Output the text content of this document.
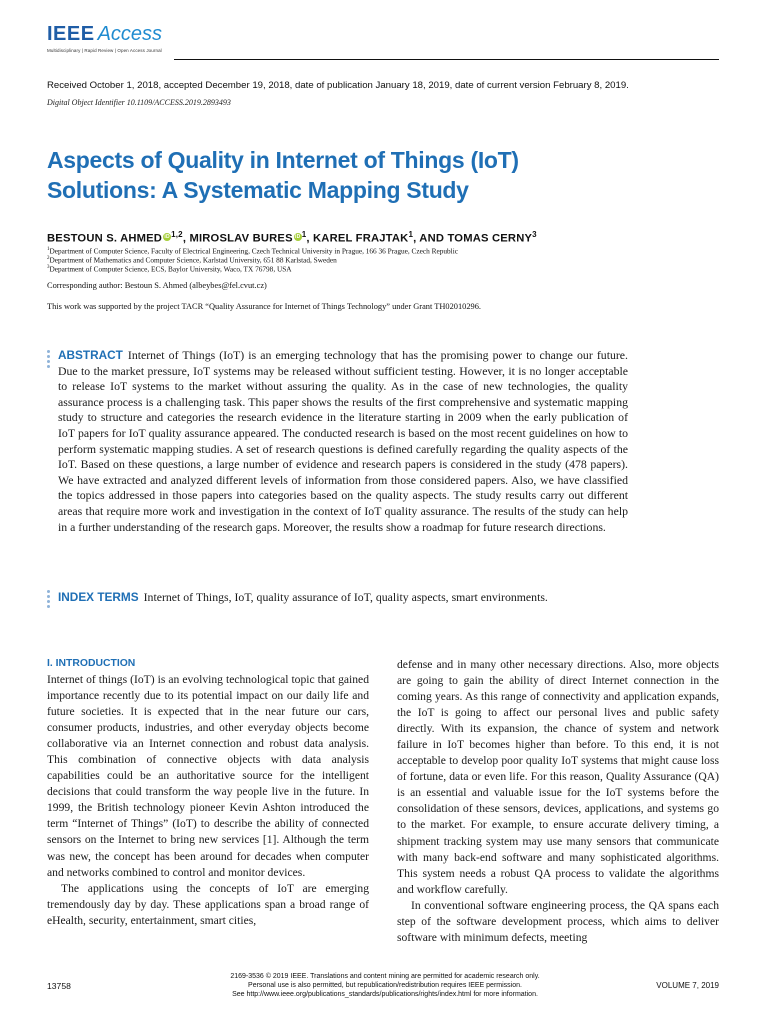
IEEE Access
Multidisciplinary | Rapid Review | Open Access Journal
Received October 1, 2018, accepted December 19, 2018, date of publication January 18, 2019, date of current version February 8, 2019.
Digital Object Identifier 10.1109/ACCESS.2019.2893493
Aspects of Quality in Internet of Things (IoT)
Solutions: A Systematic Mapping Study
BESTOUN S. AHMED iD$^{1,2}$, MIROSLAV BURES $iD^1$, KAREL FRAJTAK$^1$, AND TOMAS CERNY$^3$
$^1$Department of Computer Science, Faculty of Electrical Engineering, Czech Technical University in Prague, 166 36 Prague, Czech Republic
$^2$Department of Mathematics and Computer Science, Karlstad University, 651 88 Karlstad, Sweden
$^3$Department of Computer Science, ECS, Baylor University, Waco, TX 76798, USA
Corresponding author: Bestoun S. Ahmed (albeybes@fel.cvut.cz)
This work was supported by the project TACR “Quality Assurance for Internet of Things Technology” under Grant TH02010296.
ABSTRACT Internet of Things (IoT) is an emerging technology that has the promising power to change our future. Due to the market pressure, IoT systems may be released without sufficient testing. However, it is no longer acceptable to release IoT systems to the market without assuring the quality. As in the case of new technologies, the quality assurance process is a challenging task. This paper shows the results of the first comprehensive and systematic mapping study to structure and categories the research evidence in the literature starting in 2009 when the early publication of IoT papers for IoT quality assurance appeared. The conducted research is based on the most recent guidelines on how to perform systematic mapping studies. A set of research questions is defined carefully regarding the quality aspects of the IoT. Based on these questions, a large number of evidence and research papers is considered in the study (478 papers). We have extracted and analyzed different levels of information from those considered papers. Also, we have classified the topics addressed in those papers into categories based on the quality aspects. The study results carry out different areas that require more work and investigation in the context of IoT quality assurance. The results of the study can help in a further understanding of the research gaps. Moreover, the results show a roadmap for future research directions.
INDEX TERMS Internet of Things, IoT, quality assurance of IoT, quality aspects, smart environments.
I. INTRODUCTION

Internet of things (IoT) is an evolving technological topic that gained importance recently due to its potential impact on our daily life and future societies. It is expected that in the near future our cars, consumer products, industries, and other everyday objects become collaborative via an Internet connection and robust data analysis. This combination of connective objects with data analysis capabilities could be an authoritative source for the intelligent decisions that could transform the way people live in the future. In 1999, the British technology pioneer Kevin Ashton introduced the term “Internet of Things” (IoT) to describe the ability of connected sensors on the Internet to bring new services [1]. Although the term was new, the concept has been around for decades when computer and networks combined to control and monitor devices.

The applications using the concepts of IoT are emerging tremendously day by day. These applications span a broad range of eHealth, security, entertainment, smart cities,

defense and in many other necessary directions. Also, more objects are going to gain the ability of direct Internet connection in the coming years. As this range of connectivity and application expands, the IoT is going to affect our personal lives and public safety directly. With its expansion, the chance of system and network failure in IoT becomes higher than before. To this end, it is not acceptable to develop poor quality IoT systems that might cause loss of fortune, data or even life. For this reason, Quality Assurance (QA) is an essential and valuable issue for the IoT systems before the consolidation of these sensors, devices, applications, and systems go to the market. For example, to ensure accurate delivery timing, a shipment tracking system may use many sensors that communicate with many back-end software and many sophisticated algorithms. This system needs a robust QA process to validate the algorithms and workflow carefully.

In conventional software engineering process, the QA spans each step of the software development process, which aims to deliver software with minimum defects, meeting

13758
2169-3536 © 2019 IEEE. Translations and content mining are permitted for academic research only.
Personal use is also permitted, but republication/redistribution requires IEEE permission.
See http://www.ieee.org/publications_standards/publications/rights/index.html for more information.
VOLUME 7, 2019
